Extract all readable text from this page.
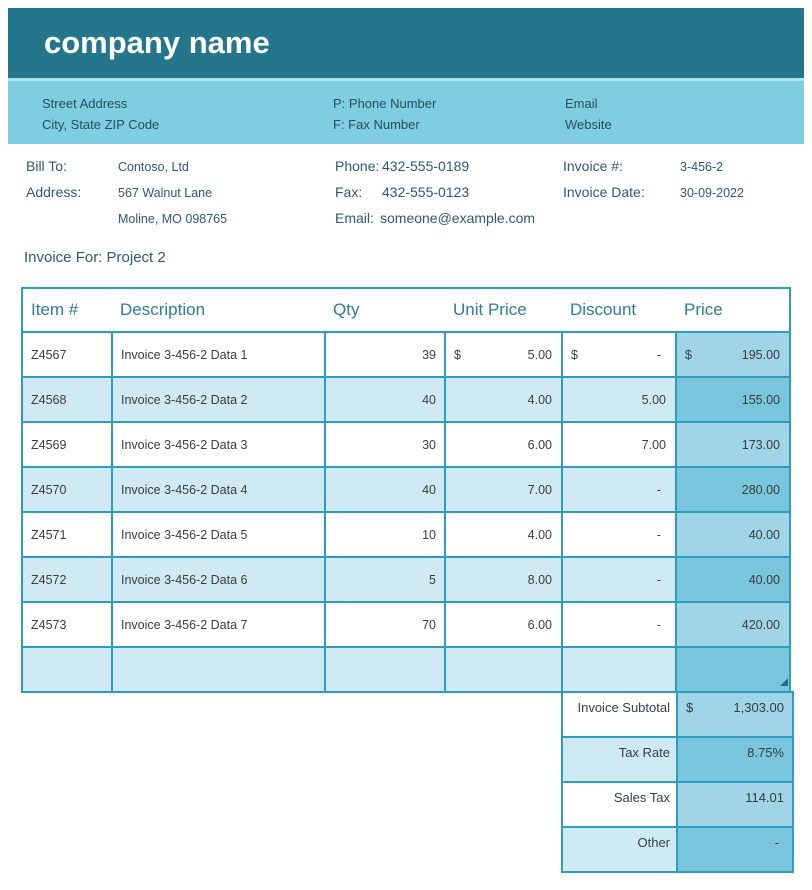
company name
Street Address
City, State ZIP Code
P: Phone Number
F: Fax Number
Email
Website
Bill To:	Contoso, Ltd	Phone: 432-555-0189	Invoice #:	3-456-2
Address:	567 Walnut Lane	Fax: 432-555-0123	Invoice Date:	30-09-2022
Moline, MO 098765	Email: someone@example.com
Invoice For: Project 2
Item #	Description	Qty	Unit Price	Discount	Price
Z4567	Invoice 3-456-2 Data 1	39	$ 5.00	$ -	$ 195.00

Z4568	Invoice 3-456-2 Data 2	40	4.00	5.00	155.00

Z4569	Invoice 3-456-2 Data 3	30	6.00	7.00	173.00

Z4570	Invoice 3-456-2 Data 4	40	7.00	-	280.00

Z4571	Invoice 3-456-2 Data 5	10	4.00	-	40.00

Z4572	Invoice 3-456-2 Data 6	5	8.00	-	40.00

Z4573	Invoice 3-456-2 Data 7	70	6.00	-	420.00

Invoice Subtotal	$ 1,303.00

Tax Rate	8.75%

Sales Tax	114.01

Other	-
